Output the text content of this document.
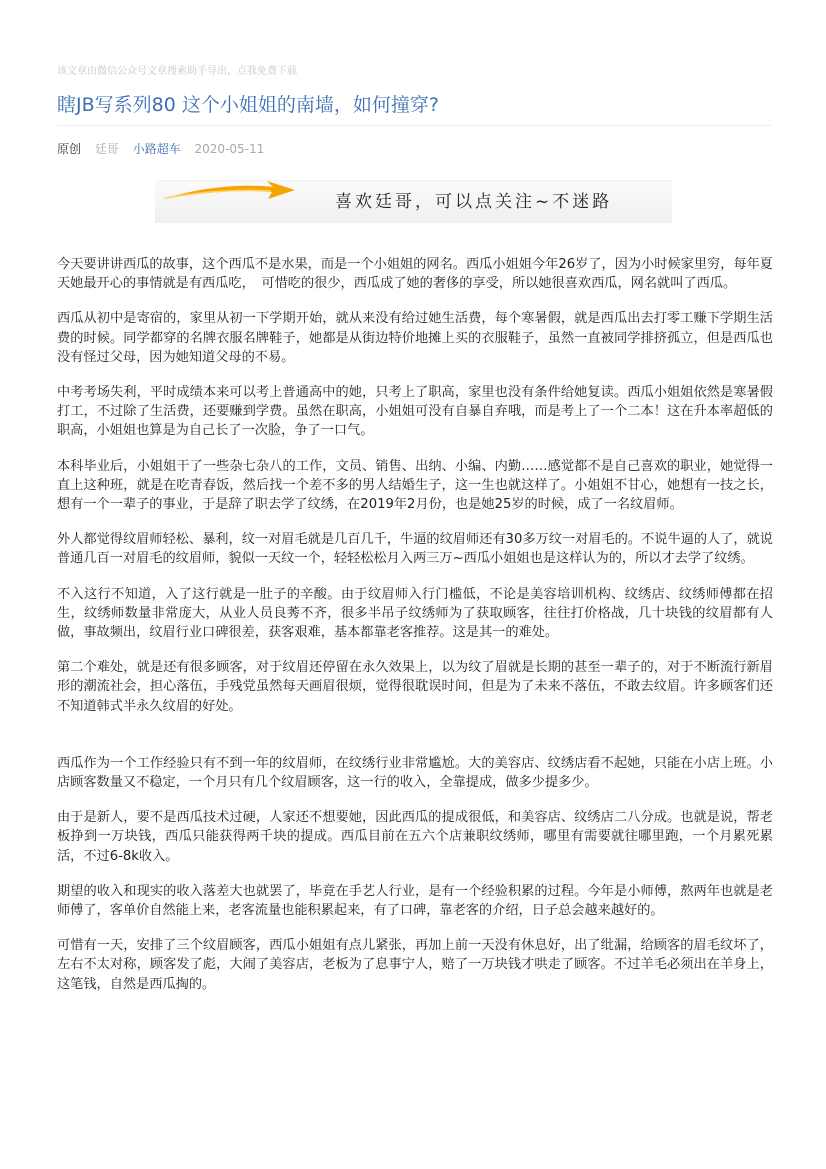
该文章由微信公众号文章搜索助手导出，点我免费下载
瞎JB写系列80 这个小姐姐的南墙，如何撞穿?
原创 廷哥 小路超车 2020-05-11
喜欢廷哥，可以点关注~不迷路

今天要讲讲西瓜的故事，这个西瓜不是水果，而是一个小姐姐的网名。西瓜小姐姐今年26岁了，因为小时候家里穷，每年夏天她最开心的事情就是有西瓜吃，　可惜吃的很少，西瓜成了她的奢侈的享受，所以她很喜欢西瓜，网名就叫了西瓜。

西瓜从初中是寄宿的，家里从初一下学期开始，就从来没有给过她生活费，每个寒暑假，就是西瓜出去打零工赚下学期生活费的时候。同学都穿的名牌衣服名牌鞋子，她都是从街边特价地摊上买的衣服鞋子，虽然一直被同学排挤孤立，但是西瓜也没有怪过父母，因为她知道父母的不易。

中考考场失利，平时成绩本来可以考上普通高中的她，只考上了职高，家里也没有条件给她复读。西瓜小姐姐依然是寒暑假打工，不过除了生活费，还要赚到学费。虽然在职高，小姐姐可没有自暴自弃哦，而是考上了一个二本！这在升本率超低的职高，小姐姐也算是为自己长了一次脸，争了一口气。

本科毕业后，小姐姐干了一些杂七杂八的工作，文员、销售、出纳、小编、内勤……感觉都不是自己喜欢的职业，她觉得一直上这种班，就是在吃青春饭，然后找一个差不多的男人结婚生子，这一生也就这样了。小姐姐不甘心，她想有一技之长，想有一个一辈子的事业，于是辞了职去学了纹绣，在2019年2月份，也是她25岁的时候，成了一名纹眉师。

外人都觉得纹眉师轻松、暴利，纹一对眉毛就是几百几千，牛逼的纹眉师还有30多万纹一对眉毛的。不说牛逼的人了，就说普通几百一对眉毛的纹眉师，貌似一天纹一个，轻轻松松月入两三万~西瓜小姐姐也是这样认为的，所以才去学了纹绣。

不入这行不知道，入了这行就是一肚子的辛酸。由于纹眉师入行门槛低，不论是美容培训机构、纹绣店、纹绣师傅都在招生，纹绣师数量非常庞大，从业人员良莠不齐，很多半吊子纹绣师为了获取顾客，往往打价格战，几十块钱的纹眉都有人做，事故频出，纹眉行业口碑很差，获客艰难，基本都靠老客推荐。这是其一的难处。

第二个难处，就是还有很多顾客，对于纹眉还停留在永久效果上，以为纹了眉就是长期的甚至一辈子的，对于不断流行新眉形的潮流社会，担心落伍，手残党虽然每天画眉很烦，觉得很耽误时间，但是为了未来不落伍，不敢去纹眉。许多顾客们还不知道韩式半永久纹眉的好处。

西瓜作为一个工作经验只有不到一年的纹眉师，在纹绣行业非常尴尬。大的美容店、纹绣店看不起她，只能在小店上班。小店顾客数量又不稳定，一个月只有几个纹眉顾客，这一行的收入，全靠提成，做多少提多少。

由于是新人，要不是西瓜技术过硬，人家还不想要她，因此西瓜的提成很低，和美容店、纹绣店二八分成。也就是说，帮老板挣到一万块钱，西瓜只能获得两千块的提成。西瓜目前在五六个店兼职纹绣师，哪里有需要就往哪里跑，一个月累死累活，不过6-8k收入。

期望的收入和现实的收入落差大也就罢了，毕竟在手艺人行业，是有一个经验积累的过程。今年是小师傅，熬两年也就是老师傅了，客单价自然能上来，老客流量也能积累起来，有了口碑，靠老客的介绍，日子总会越来越好的。

可惜有一天，安排了三个纹眉顾客，西瓜小姐姐有点儿紧张，再加上前一天没有休息好，出了纰漏，给顾客的眉毛纹坏了，左右不太对称，顾客发了彪，大闹了美容店，老板为了息事宁人，赔了一万块钱才哄走了顾客。不过羊毛必须出在羊身上，这笔钱，自然是西瓜掏的。
